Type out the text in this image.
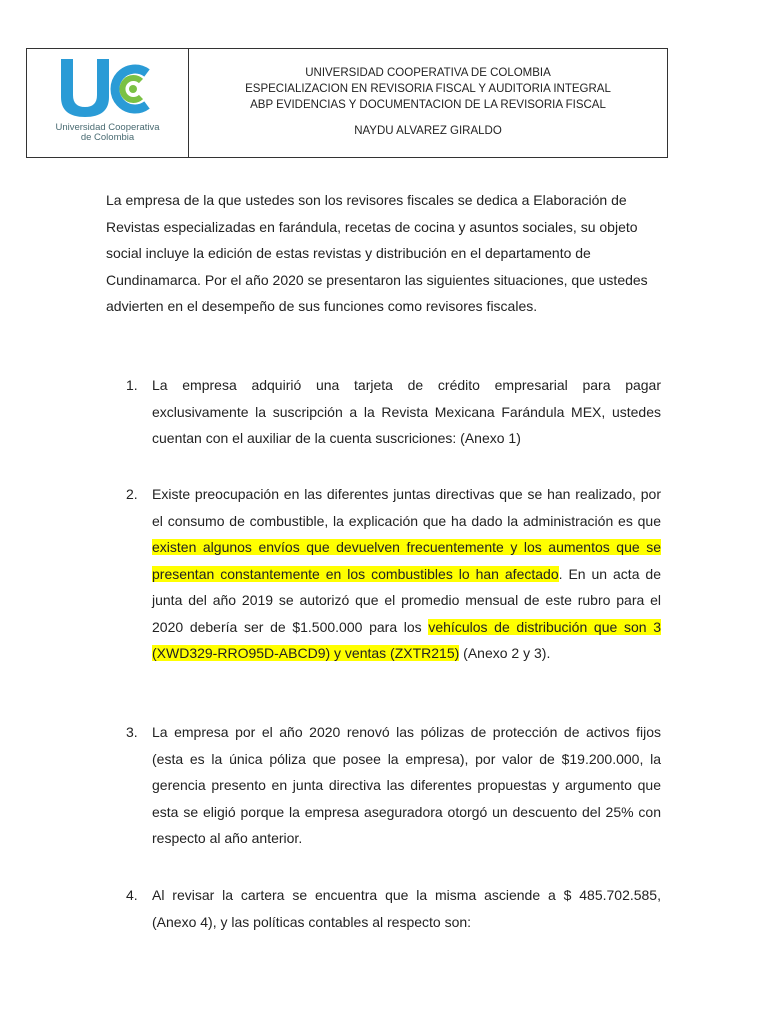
Universidad Cooperativa
de Colombia
UNIVERSIDAD COOPERATIVA DE COLOMBIA
ESPECIALIZACION EN REVISORIA FISCAL Y AUDITORIA INTEGRAL
ABP EVIDENCIAS Y DOCUMENTACION DE LA REVISORIA FISCAL
NAYDU ALVAREZ GIRALDO

La empresa de la que ustedes son los revisores fiscales se dedica a Elaboración de Revistas especializadas en farándula, recetas de cocina y asuntos sociales, su objeto social incluye la edición de estas revistas y distribución en el departamento de Cundinamarca. Por el año 2020 se presentaron las siguientes situaciones, que ustedes advierten en el desempeño de sus funciones como revisores fiscales.

1. La empresa adquirió una tarjeta de crédito empresarial para pagar exclusivamente la suscripción a la Revista Mexicana Farándula MEX, ustedes cuentan con el auxiliar de la cuenta suscriciones: (Anexo 1)

2. Existe preocupación en las diferentes juntas directivas que se han realizado, por el consumo de combustible, la explicación que ha dado la administración es que existen algunos envíos que devuelven frecuentemente y los aumentos que se presentan constantemente en los combustibles lo han afectado. En un acta de junta del año 2019 se autorizó que el promedio mensual de este rubro para el 2020 debería ser de $1.500.000 para los vehículos de distribución que son 3 (XWD329-RRO95D-ABCD9) y ventas (ZXTR215) (Anexo 2 y 3).

3. La empresa por el año 2020 renovó las pólizas de protección de activos fijos (esta es la única póliza que posee la empresa), por valor de $19.200.000, la gerencia presento en junta directiva las diferentes propuestas y argumento que esta se eligió porque la empresa aseguradora otorgó un descuento del 25% con respecto al año anterior.

4. Al revisar la cartera se encuentra que la misma asciende a $ 485.702.585, (Anexo 4), y las políticas contables al respecto son:
